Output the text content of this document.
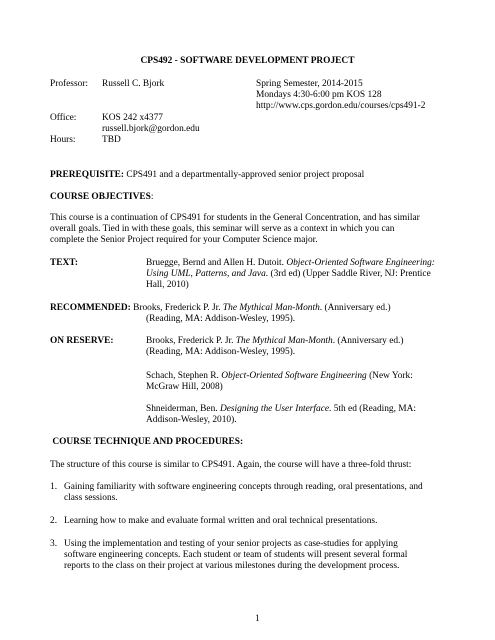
CPS492 - SOFTWARE DEVELOPMENT PROJECT
Professor: Russell C. Bjork	Spring Semester, 2014-2015
Mondays 4:30-6:00 pm KOS 128
http://www.cps.gordon.edu/courses/cps491-2
Office:	KOS 242 x4377
russell.bjork@gordon.edu
Hours:	TBD
PREREQUISITE: CPS491 and a departmentally-approved senior project proposal
COURSE OBJECTIVES:
This course is a continuation of CPS491 for students in the General Concentration, and has similar
overall goals. Tied in with these goals, this seminar will serve as a context in which you can
complete the Senior Project required for your Computer Science major.
TEXT:	Bruegge, Bernd and Allen H. Dutoit. Object-Oriented Software Engineering:
Using UML, Patterns, and Java. (3rd ed) (Upper Saddle River, NJ: Prentice
Hall, 2010)
RECOMMENDED: Brooks, Frederick P. Jr. The Mythical Man-Month. (Anniversary ed.)
(Reading, MA: Addison-Wesley, 1995).
ON RESERVE:	Brooks, Frederick P. Jr. The Mythical Man-Month. (Anniversary ed.)
(Reading, MA: Addison-Wesley, 1995).
Schach, Stephen R. Object-Oriented Software Engineering (New York:
McGraw Hill, 2008)
Shneiderman, Ben. Designing the User Interface. 5th ed (Reading, MA:
Addison-Wesley, 2010).
COURSE TECHNIQUE AND PROCEDURES:
The structure of this course is similar to CPS491. Again, the course will have a three-fold thrust:
1. Gaining familiarity with software engineering concepts through reading, oral presentations, and
class sessions.
2. Learning how to make and evaluate formal written and oral technical presentations.
3. Using the implementation and testing of your senior projects as case-studies for applying
software engineering concepts. Each student or team of students will present several formal
reports to the class on their project at various milestones during the development process.
1
